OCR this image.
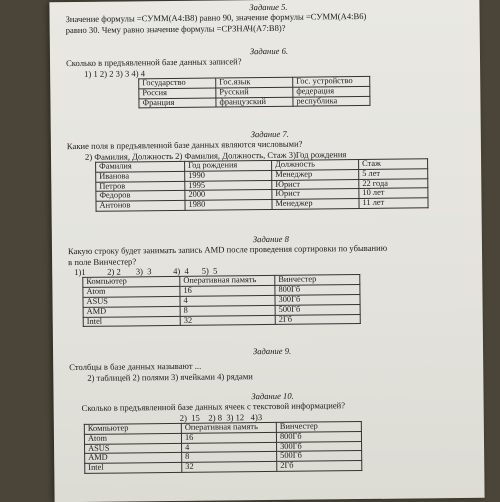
Задание 5.

Значение формулы =СУММ(A4:B8) равно 90, значение формулы =СУММ(A4:B6)

равно 30. Чему равно значение формулы =СРЗНАЧ(A7:B8)?

Задание 6.

Сколько в предъявленной базе данных записей?

1) 1 2) 2 3) 3 4) 4

Государство	Гос.язык	Гос. устройство
Россия	Русский	федерация
Франция	французский	республика
Задание 7.

Какие поля в предъявленной базе данных являются числовыми?

2) Фамилия, Должность 2) Фамилия, Должность, Стаж 3)Год рождения

Фамилия	Год рождения	Должность	Стаж
Иванова	1990	Менеджер	5 лет
Петров	1995	Юрист	22 года
Федоров	2000	Юрист	10 лет
Антонов	1980	Менеджер	11 лет
Задание 8

Какую строку будет занимать запись AMD после проведения сортировки по убыванию

в поле Винчестер?

1)1          2) 2       3)  3          4)  4      5)  5

Компьютер	Оперативная память	Винчестер
Atom	16	800Гб
ASUS	4	300Гб
AMD	8	500Гб
Intel	32	2Гб
Задание 9.

Столбцы в базе данных называют ...

2) таблицей 2) полями 3) ячейками 4) рядами

Задание 10.

Сколько в предъявленной базе данных ячеек с текстовой информацией?

2)  15    2) 8  3) 12   4)3

Компьютер	Оперативная память	Винчестер
Atom	16	800Гб
ASUS	4	300Гб
AMD	8	500Гб
Intel	32	2Гб
